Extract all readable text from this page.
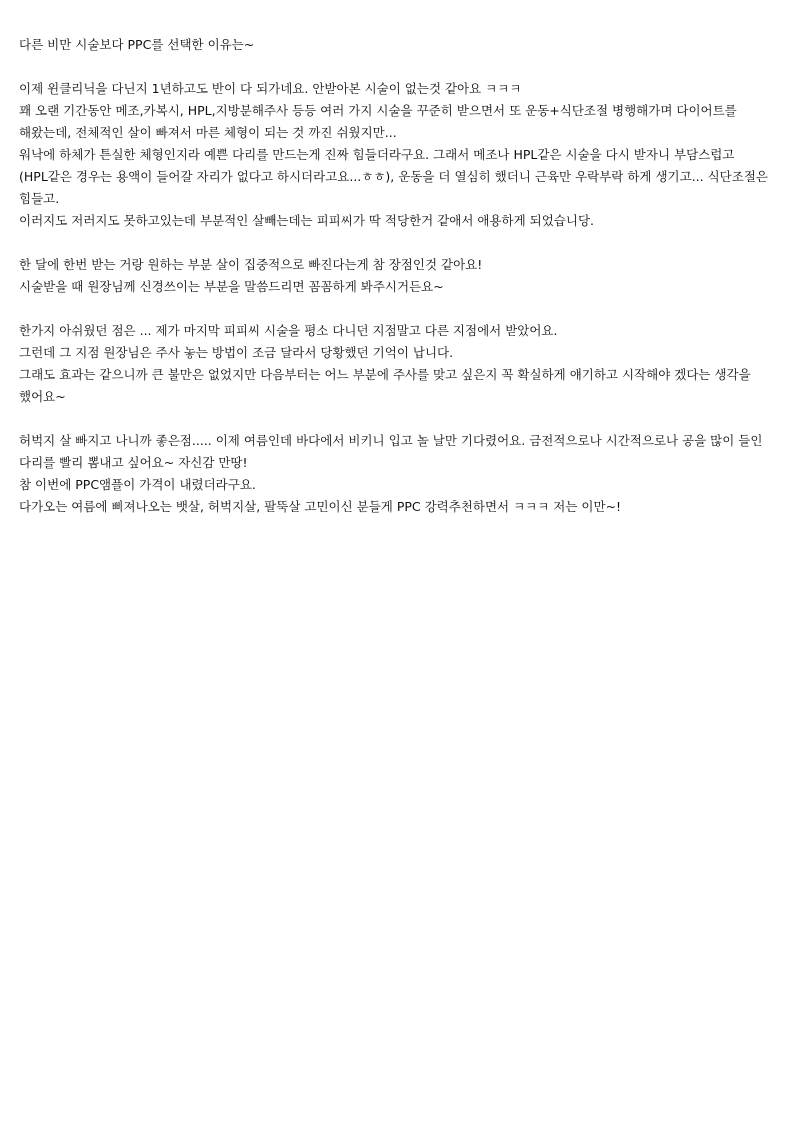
다른 비만 시술보다 PPC를 선택한 이유는~

이제 윈클리닉을 다닌지 1년하고도 반이 다 되가네요. 안받아본 시술이 없는것 같아요 ㅋㅋㅋ

꽤 오랜 기간동안 메조,카복시, HPL,지방분해주사 등등 여러 가지 시술을 꾸준히 받으면서 또 운동+식단조절 병행해가며 다이어트를 해왔는데, 전체적인 살이 빠져서 마른 체형이 되는 것 까진 쉬웠지만...

워낙에 하체가 튼실한 체형인지라 예쁜 다리를 만드는게 진짜 힘들더라구요. 그래서 메조나 HPL같은 시술을 다시 받자니 부담스럽고(HPL같은 경우는 용액이 들어갈 자리가 없다고 하시더라고요...ㅎㅎ), 운동을 더 열심히 했더니 근육만 우락부락 하게 생기고... 식단조절은 힘들고.

이러지도 저러지도 못하고있는데 부분적인 살빼는데는 피피씨가 딱 적당한거 같애서 애용하게 되었습니당.

한 달에 한번 받는 거랑 원하는 부분 살이 집중적으로 빠진다는게 참 장점인것 같아요!

시술받을 때 원장님께 신경쓰이는 부분을 말씀드리면 꼼꼼하게 봐주시거든요~

한가지 아쉬웠던 점은 ... 제가 마지막 피피씨 시술을 평소 다니던 지점말고 다른 지점에서 받았어요.

그런데 그 지점 원장님은 주사 놓는 방법이 조금 달라서 당황했던 기억이 납니다.

그래도 효과는 같으니까 큰 불만은 없었지만 다음부터는 어느 부분에 주사를 맞고 싶은지 꼭 확실하게 얘기하고 시작해야 겠다는 생각을 했어요~

허벅지 살 빠지고 나니까 좋은점..... 이제 여름인데 바다에서 비키니 입고 놀 날만 기다렸어요. 금전적으로나 시간적으로나 공을 많이 들인 다리를 빨리 뽐내고 싶어요~ 자신감 만땅!

참 이번에 PPC앰플이 가격이 내렸더라구요.

다가오는 여름에 삐져나오는 뱃살, 허벅지살, 팔뚝살 고민이신 분들게 PPC 강력추천하면서 ㅋㅋㅋ 저는 이만~!
